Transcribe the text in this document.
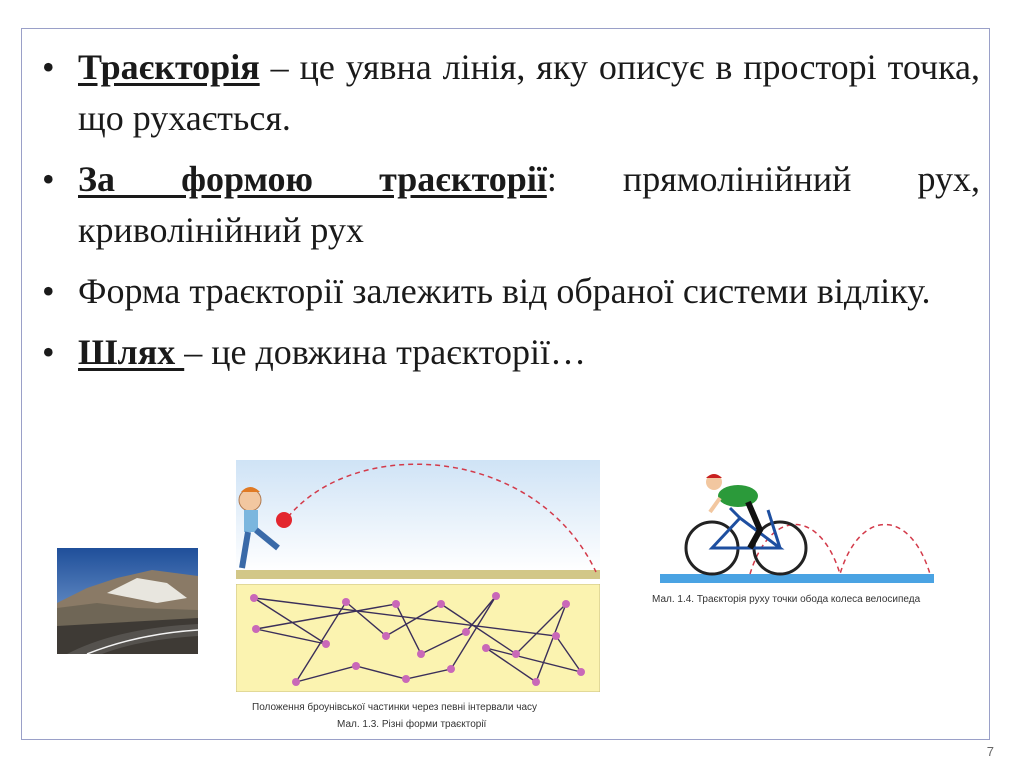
• Траєкторія – це уявна лінія, яку описує в просторі точка, що рухається.
• За формою траєкторії: прямолінійний рух, криволінійний рух
• Форма траєкторії залежить від обраної системи відліку.
• Шлях – це довжина траєкторії…
Положення броунівської частинки через певні інтервали часу
Мал. 1.3. Різні форми траєкторії
Мал. 1.4. Траєкторія руху точки обода колеса велосипеда
7
